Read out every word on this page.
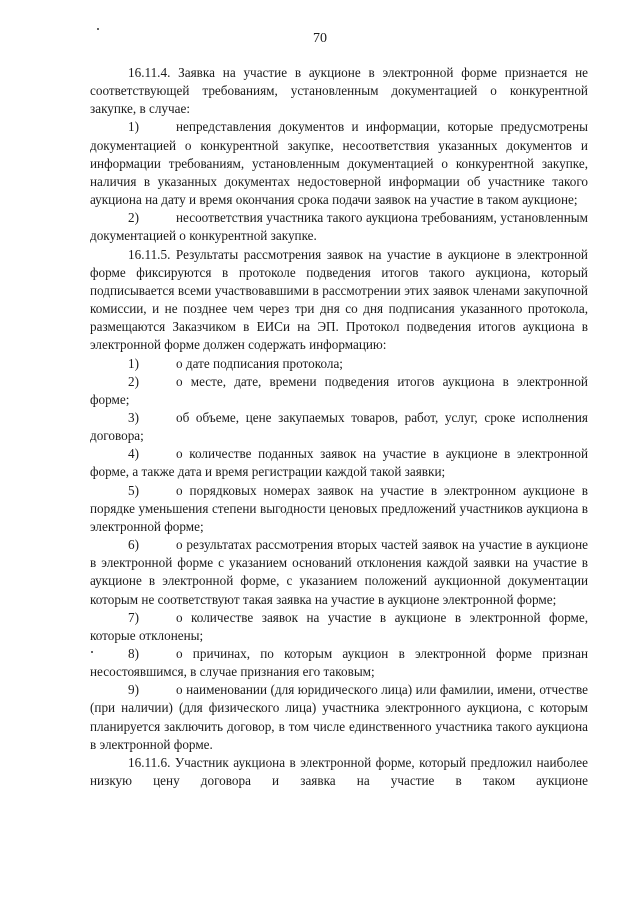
70

16.11.4. Заявка на участие в аукционе в электронной форме признается не соответствующей требованиям, установленным документацией о конкурентной закупке, в случае:

1)	непредставления документов и информации, которые предусмотрены документацией о конкурентной закупке, несоответствия указанных документов и информации требованиям, установленным документацией о конкурентной закупке, наличия в указанных документах недостоверной информации об участнике такого аукциона на дату и время окончания срока подачи заявок на участие в таком аукционе;

2)	несоответствия участника такого аукциона требованиям, установленным документацией о конкурентной закупке.

16.11.5. Результаты рассмотрения заявок на участие в аукционе в электронной форме фиксируются в протоколе подведения итогов такого аукциона, который подписывается всеми участвовавшими в рассмотрении этих заявок членами закупочной комиссии, и не позднее чем через три дня со дня подписания указанного протокола, размещаются Заказчиком в ЕИСи на ЭП. Протокол подведения итогов аукциона в электронной форме должен содержать информацию:

1)	о дате подписания протокола;

2)	о месте, дате, времени подведения итогов аукциона в электронной форме;

3)	об объеме, цене закупаемых товаров, работ, услуг, сроке исполнения договора;

4)	о количестве поданных заявок на участие в аукционе в электронной форме, а также дата и время регистрации каждой такой заявки;

5)	о порядковых номерах заявок на участие в электронном аукционе в порядке уменьшения степени выгодности ценовых предложений участников аукциона в электронной форме;

6)	о результатах рассмотрения вторых частей заявок на участие в аукционе в электронной форме с указанием оснований отклонения каждой заявки на участие в аукционе в электронной форме, с указанием положений аукционной документации которым не соответствуют такая заявка на участие в аукционе электронной форме;

7)	о количестве заявок на участие в аукционе в электронной форме, которые отклонены;

8)	о причинах, по которым аукцион в электронной форме признан несостоявшимся, в случае признания его таковым;

9)	о наименовании (для юридического лица) или фамилии, имени, отчестве (при наличии) (для физического лица) участника электронного аукциона, с которым планируется заключить договор, в том числе единственного участника такого аукциона в электронной форме.

16.11.6. Участник аукциона в электронной форме, который предложил наиболее низкую цену договора и заявка на участие в таком аукционе
